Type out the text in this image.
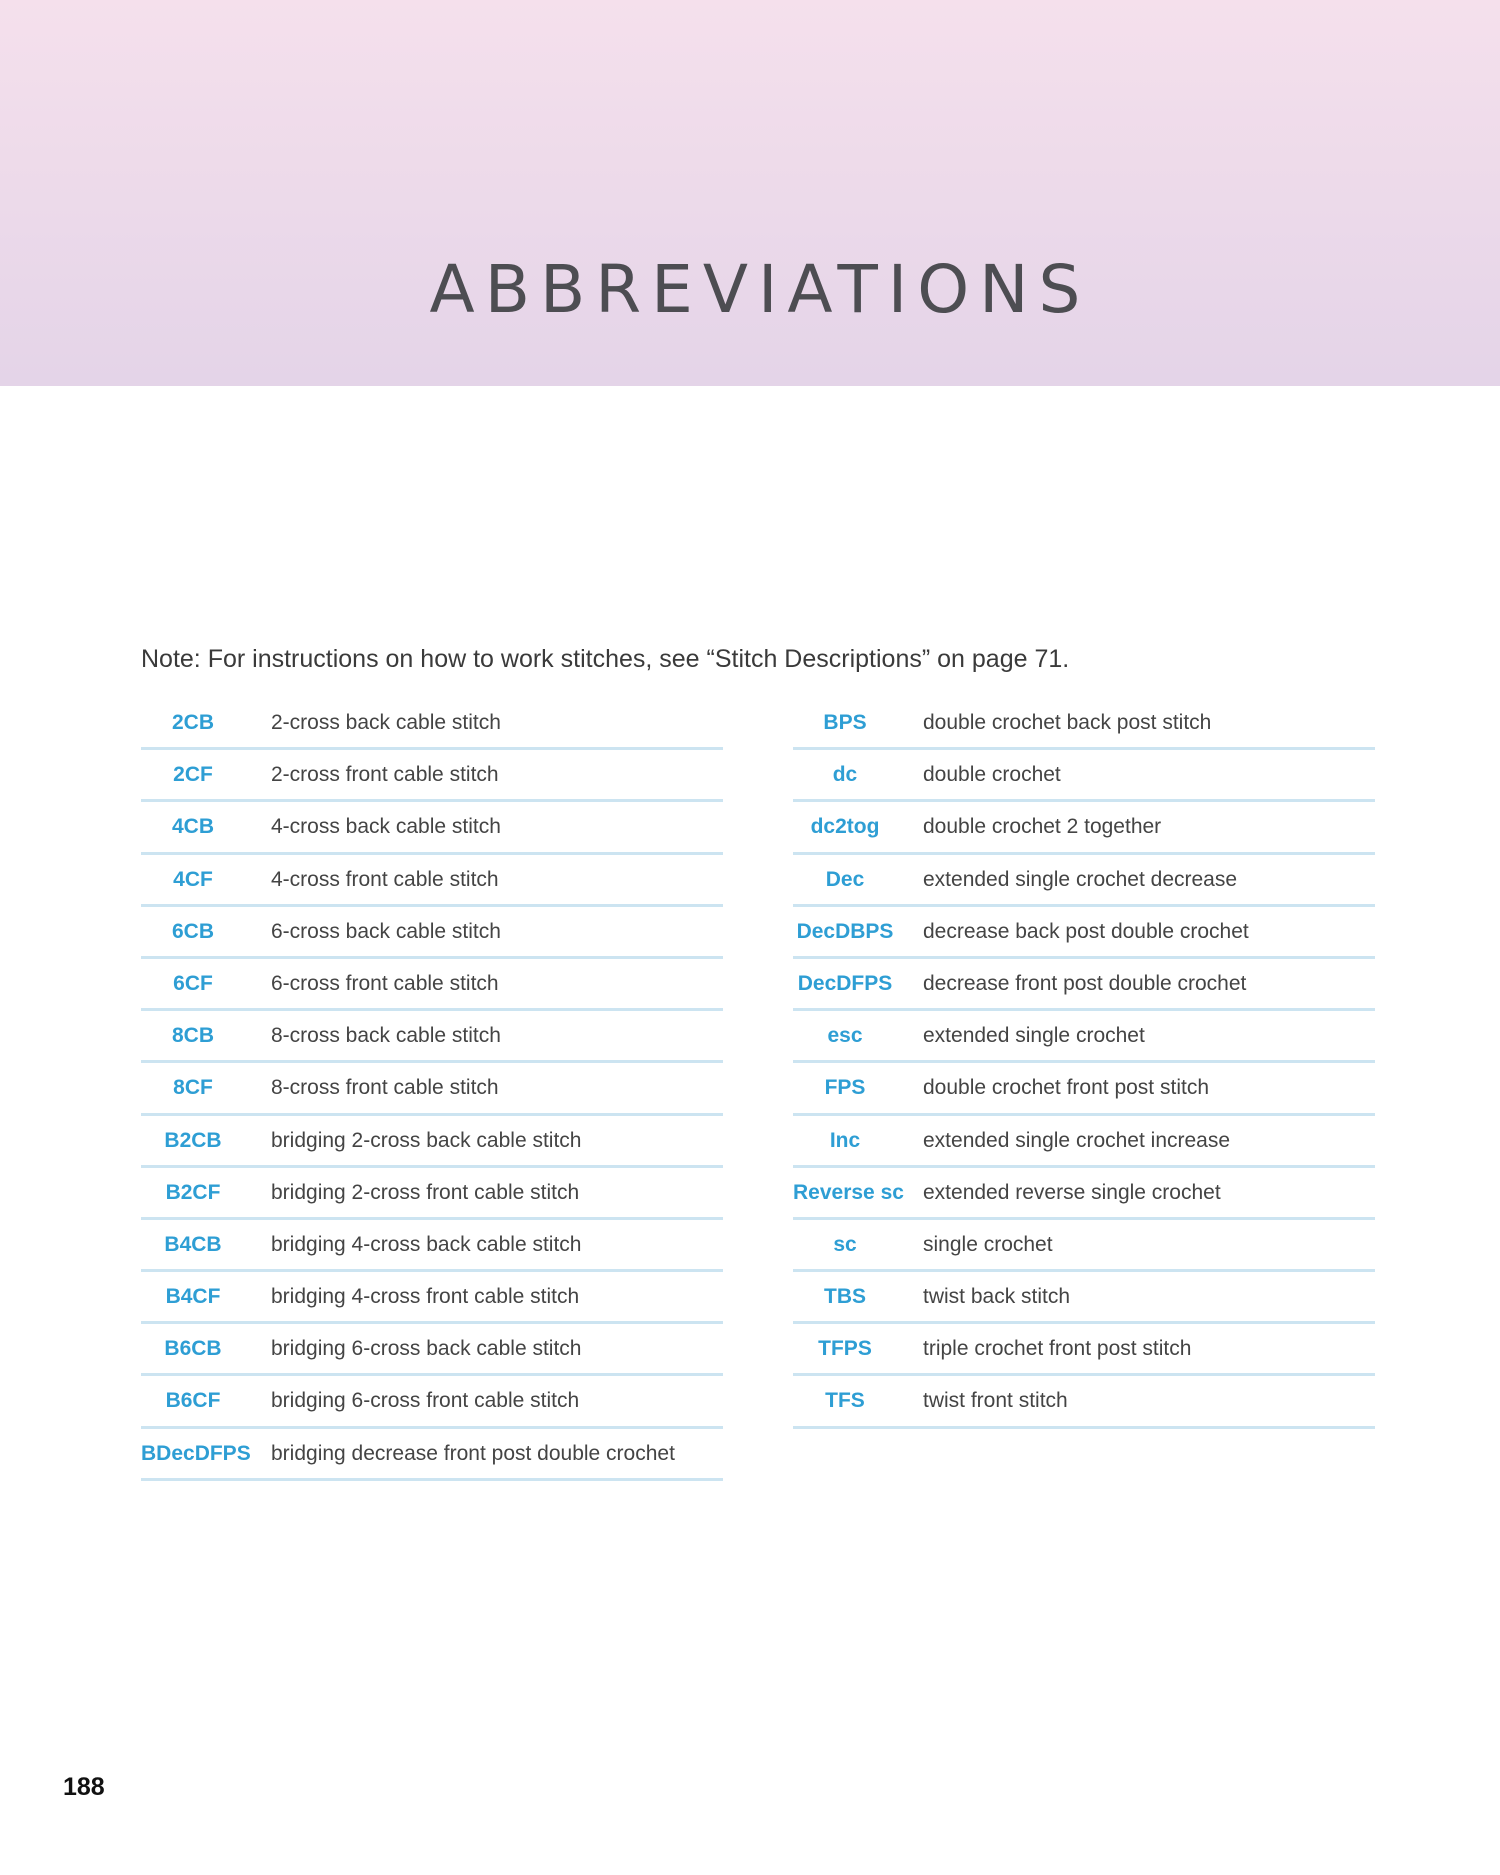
ABBREVIATIONS
Note: For instructions on how to work stitches, see “Stitch Descriptions” on page 71.
2CB	2-cross back cable stitch
2CF	2-cross front cable stitch
4CB	4-cross back cable stitch
4CF	4-cross front cable stitch
6CB	6-cross back cable stitch
6CF	6-cross front cable stitch
8CB	8-cross back cable stitch
8CF	8-cross front cable stitch
B2CB	bridging 2-cross back cable stitch
B2CF	bridging 2-cross front cable stitch
B4CB	bridging 4-cross back cable stitch
B4CF	bridging 4-cross front cable stitch
B6CB	bridging 6-cross back cable stitch
B6CF	bridging 6-cross front cable stitch
BDecDFPS bridging decrease front post double crochet
BPS	double crochet back post stitch
dc	double crochet
dc2tog	double crochet 2 together
Dec	extended single crochet decrease
DecDBPS decrease back post double crochet
DecDFPS decrease front post double crochet
esc	extended single crochet
FPS	double crochet front post stitch
Inc	extended single crochet increase
Reverse sc extended reverse single crochet
sc	single crochet
TBS	twist back stitch
TFPS	triple crochet front post stitch
TFS	twist front stitch
188
